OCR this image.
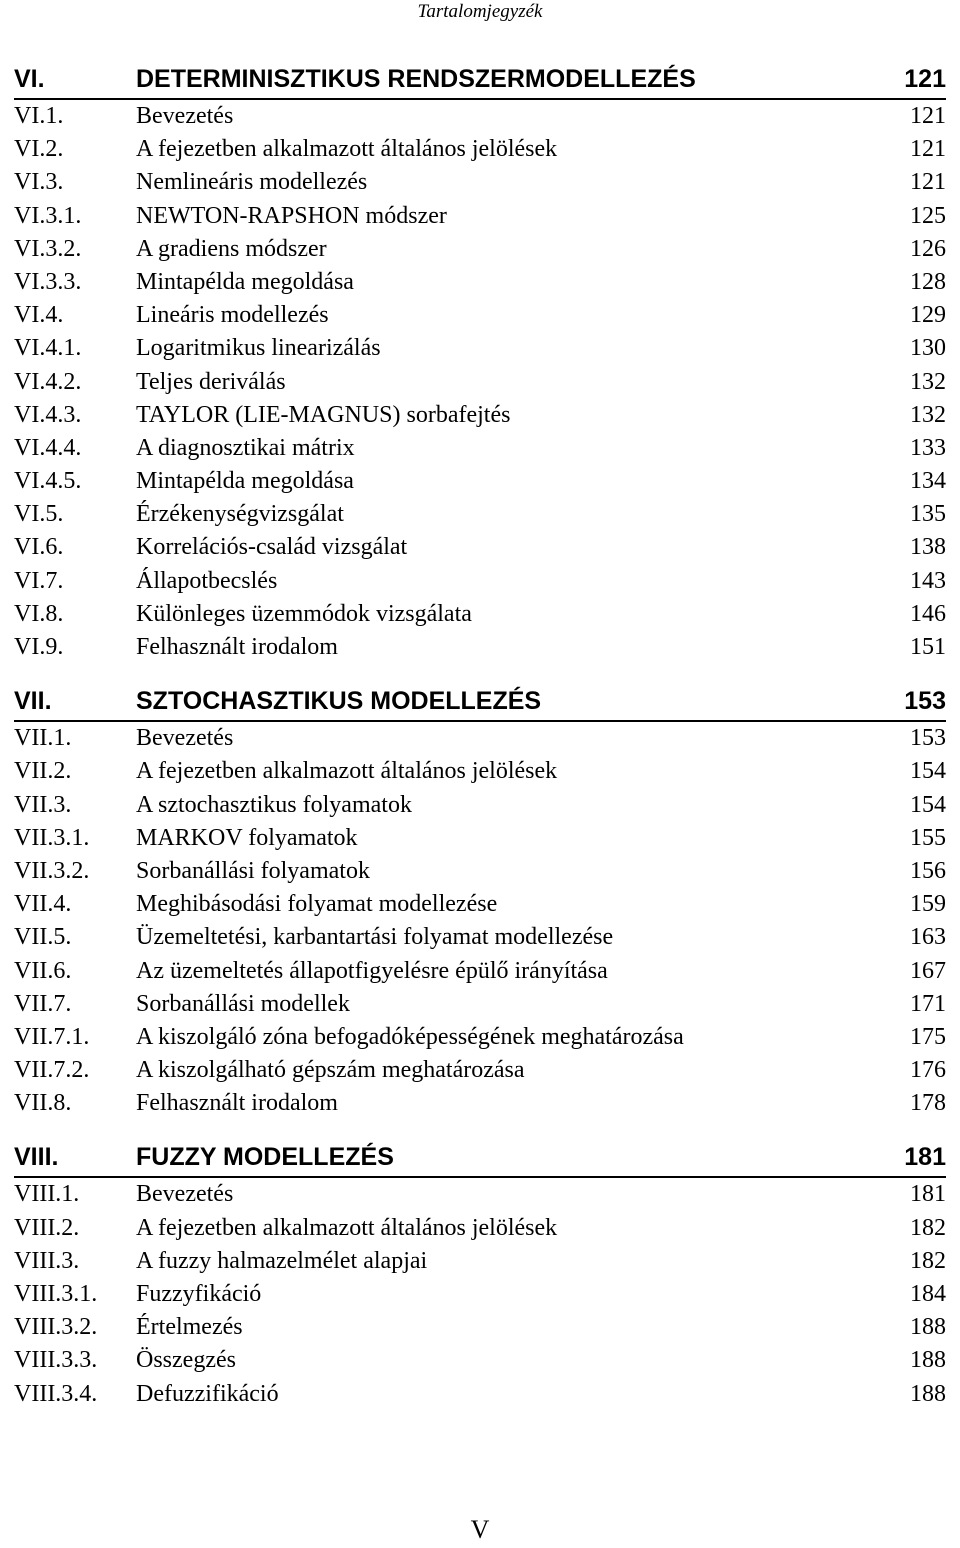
Tartalomjegyzék
VI.	DETERMINISZTIKUS RENDSZERMODELLEZÉS	121
VI.1.	Bevezetés	121
VI.2.	A fejezetben alkalmazott általános jelölések	121
VI.3.	Nemlineáris modellezés	121
VI.3.1. NEWTON-RAPSHON módszer	125
VI.3.2. A gradiens módszer	126
VI.3.3. Mintapélda megoldása	128
VI.4.	Lineáris modellezés	129
VI.4.1. Logaritmikus linearizálás	130
VI.4.2. Teljes deriválás	132
VI.4.3. TAYLOR (LIE-MAGNUS) sorbafejtés	132
VI.4.4. A diagnosztikai mátrix	133
VI.4.5. Mintapélda megoldása	134
VI.5.	Érzékenységvizsgálat	135
VI.6.	Korrelációs-család vizsgálat	138
VI.7.	Állapotbecslés	143
VI.8.	Különleges üzemmódok vizsgálata	146
VI.9.	Felhasznált irodalom	151
VII.	SZTOCHASZTIKUS MODELLEZÉS	153
VII.1.	Bevezetés	153
VII.2.	A fejezetben alkalmazott általános jelölések	154
VII.3.	A sztochasztikus folyamatok	154
VII.3.1. MARKOV folyamatok	155
VII.3.2. Sorbanállási folyamatok	156
VII.4.	Meghibásodási folyamat modellezése	159
VII.5.	Üzemeltetési, karbantartási folyamat modellezése	163
VII.6.	Az üzemeltetés állapotfigyelésre épülő irányítása	167
VII.7.	Sorbanállási modellek	171
VII.7.1. A kiszolgáló zóna befogadóképességének meghatározása	175
VII.7.2. A kiszolgálható gépszám meghatározása	176
VII.8.	Felhasznált irodalom	178
VIII.	FUZZY MODELLEZÉS	181
VIII.1. Bevezetés	181
VIII.2. A fejezetben alkalmazott általános jelölések	182
VIII.3. A fuzzy halmazelmélet alapjai	182
VIII.3.1. Fuzzyfikáció	184
VIII.3.2. Értelmezés	188
VIII.3.3. Összegzés	188
VIII.3.4. Defuzzifikáció	188
V
